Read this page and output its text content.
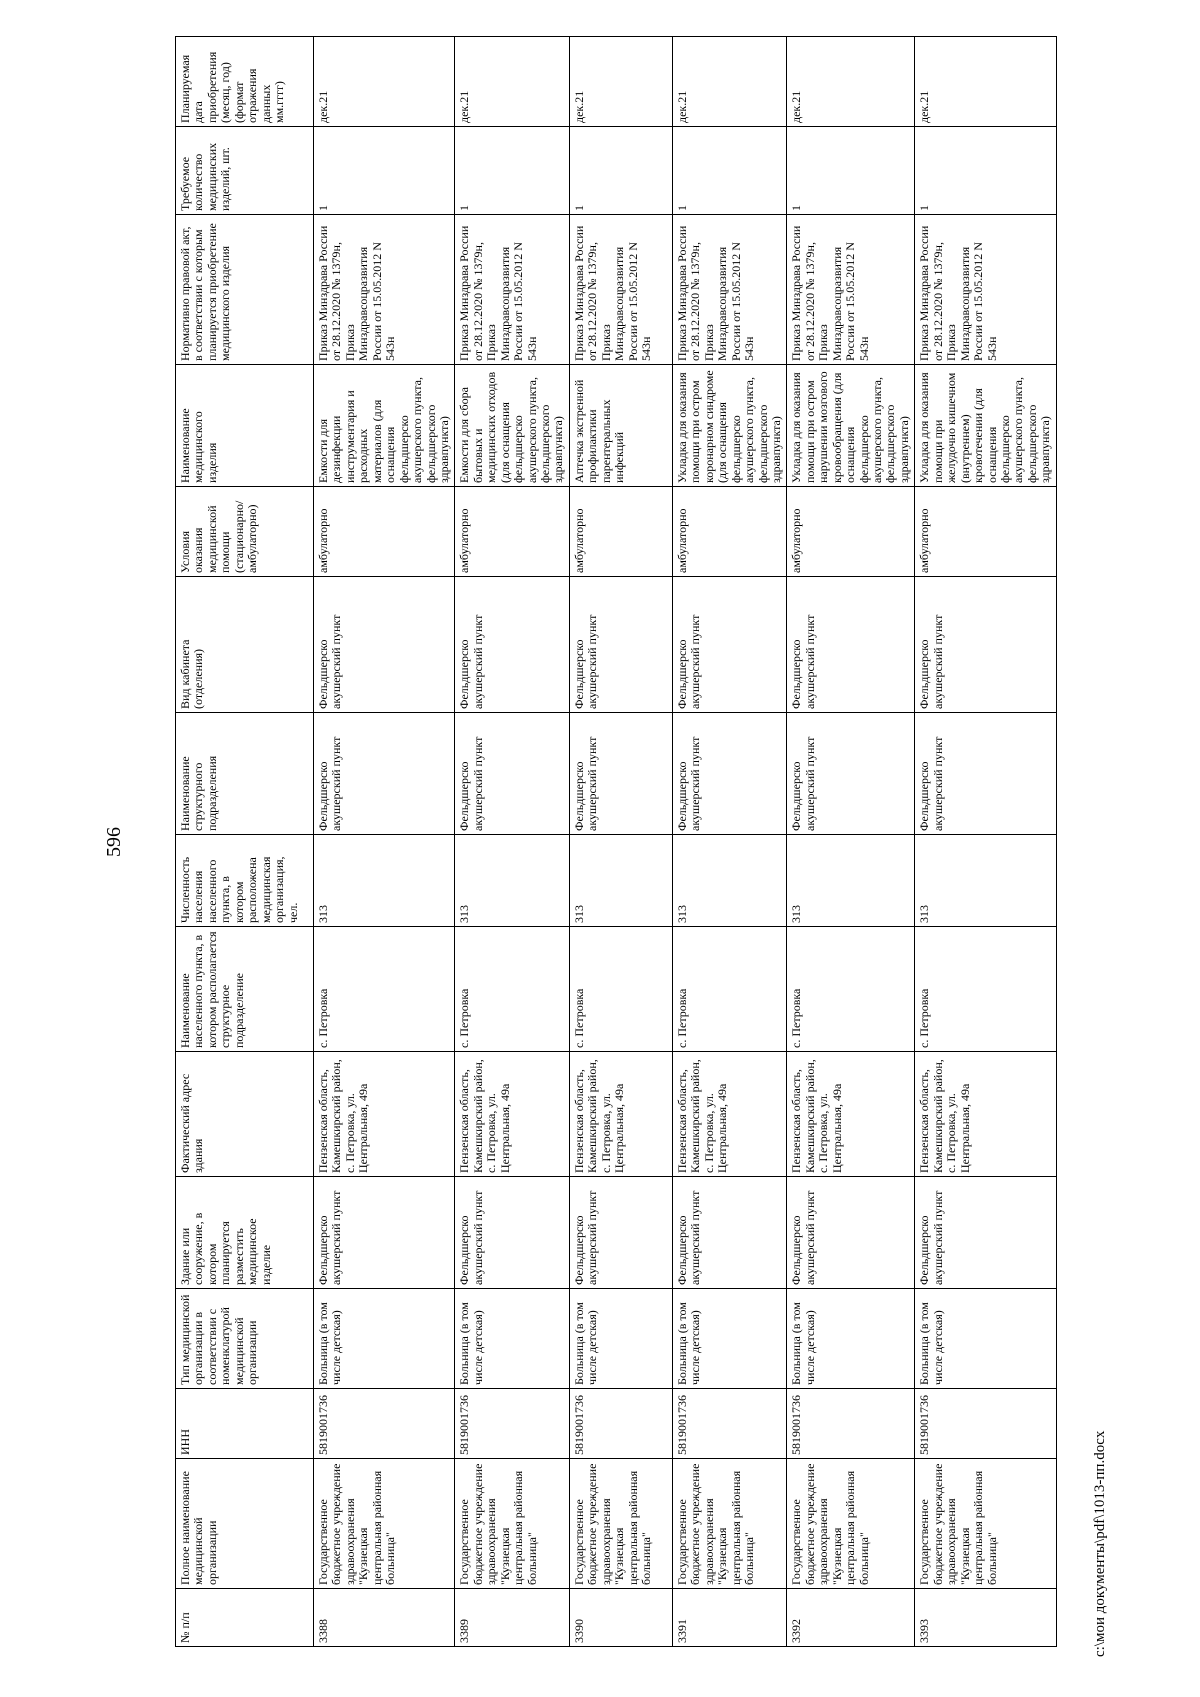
596
№ п/п	Полное наименование медицинской организации	ИНН	Тип медицинской организации в соответствии с номенклатурой медицинской организации	Здание или сооружение, в котором планируется разместить медицинское изделие	Фактический адрес здания	Наименование населенного пункта, в котором располагается структурное подразделение	Численность населения населенного пункта, в котором расположена медицинская организация, чел.	Наименование структурного подразделения	Вид кабинета (отделения)	Условия оказания медицинской помощи (стационарно/ амбулаторно)	Наименование медицинского изделия	Нормативно правовой акт, в соответствии с которым планируется приобретение медицинского изделия	Требуемое количество медицинских изделий, шт.	Планируемая дата приобретения (месяц, год) (формат отражения данных мм.гггг)
3388	Государственное бюджетное учреждение здравоохранения "Кузнецкая центральная районная больница"	5819001736	Больница (в том числе детская)	Фельдшерско акушерский пункт	Пензенская область, Камешкирский район, с. Петровка, ул. Центральная, 49а	с. Петровка	313	Фельдшерско акушерский пункт	Фельдшерско акушерский пункт	амбулаторно	Емкости для дезинфекции инструментария и расходных материалов (для оснащения фельдшерско акушерского пункта, фельдшерского здравпункта)	Приказ Минздрава России от 28.12.2020 № 1379н, Приказ Минздравсоцразвития России от 15.05.2012 N 543н	1	дек.21
3389	Государственное бюджетное учреждение здравоохранения "Кузнецкая центральная районная больница"	5819001736	Больница (в том числе детская)	Фельдшерско акушерский пункт	Пензенская область, Камешкирский район, с. Петровка, ул. Центральная, 49а	с. Петровка	313	Фельдшерско акушерский пункт	Фельдшерско акушерский пункт	амбулаторно	Емкости для сбора бытовых и медицинских отходов (для оснащения фельдшерско акушерского пункта, фельдшерского здравпункта)	Приказ Минздрава России от 28.12.2020 № 1379н, Приказ Минздравсоцразвития России от 15.05.2012 N 543н	1	дек.21
3390	Государственное бюджетное учреждение здравоохранения "Кузнецкая центральная районная больница"	5819001736	Больница (в том числе детская)	Фельдшерско акушерский пункт	Пензенская область, Камешкирский район, с. Петровка, ул. Центральная, 49а	с. Петровка	313	Фельдшерско акушерский пункт	Фельдшерско акушерский пункт	амбулаторно	Аптечка экстренной профилактики парентеральных инфекций	Приказ Минздрава России от 28.12.2020 № 1379н, Приказ Минздравсоцразвития России от 15.05.2012 N 543н	1	дек.21
3391	Государственное бюджетное учреждение здравоохранения "Кузнецкая центральная районная больница"	5819001736	Больница (в том числе детская)	Фельдшерско акушерский пункт	Пензенская область, Камешкирский район, с. Петровка, ул. Центральная, 49а	с. Петровка	313	Фельдшерско акушерский пункт	Фельдшерско акушерский пункт	амбулаторно	Укладка для оказания помощи при остром коронарном синдроме (для оснащения фельдшерско акушерского пункта, фельдшерского здравпункта)	Приказ Минздрава России от 28.12.2020 № 1379н, Приказ Минздравсоцразвития России от 15.05.2012 N 543н	1	дек.21
3392	Государственное бюджетное учреждение здравоохранения "Кузнецкая центральная районная больница"	5819001736	Больница (в том числе детская)	Фельдшерско акушерский пункт	Пензенская область, Камешкирский район, с. Петровка, ул. Центральная, 49а	с. Петровка	313	Фельдшерско акушерский пункт	Фельдшерско акушерский пункт	амбулаторно	Укладка для оказания помощи при остром нарушении мозгового кровообращения (для оснащения фельдшерско акушерского пункта, фельдшерского здравпункта)	Приказ Минздрава России от 28.12.2020 № 1379н, Приказ Минздравсоцразвития России от 15.05.2012 N 543н	1	дек.21
3393	Государственное бюджетное учреждение здравоохранения "Кузнецкая центральная районная больница"	5819001736	Больница (в том числе детская)	Фельдшерско акушерский пункт	Пензенская область, Камешкирский район, с. Петровка, ул. Центральная, 49а	с. Петровка	313	Фельдшерско акушерский пункт	Фельдшерско акушерский пункт	амбулаторно	Укладка для оказания помощи при желудочно кишечном (внутреннем) кровотечении (для оснащения фельдшерско акушерского пункта, фельдшерского здравпункта)	Приказ Минздрава России от 28.12.2020 № 1379н, Приказ Минздравсоцразвития России от 15.05.2012 N 543н	1	дек.21
c:\мои документы\pdf\1013-пп.docx
